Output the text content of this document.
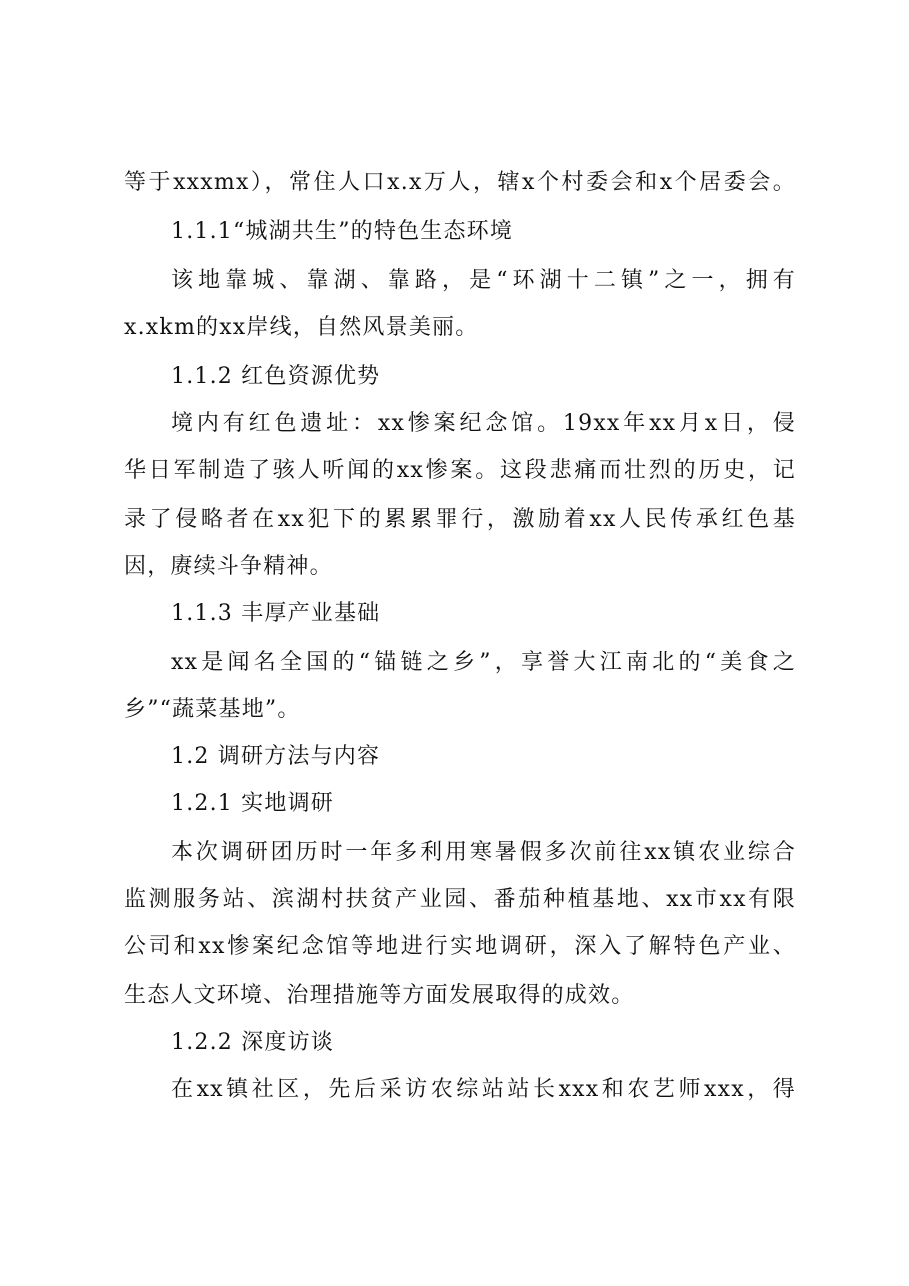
等于xxxmx），常住人口x.x万人，辖x个村委会和x个居委会。
1.1.1“城湖共生”的特色生态环境
该地靠城、靠湖、靠路，是“环湖十二镇”之一，拥有
x.xkm的xx岸线，自然风景美丽。
1.1.2 红色资源优势
境内有红色遗址：xx惨案纪念馆。19xx年xx月x日，侵
华日军制造了骇人听闻的xx惨案。这段悲痛而壮烈的历史，记
录了侵略者在xx犯下的累累罪行，激励着xx人民传承红色基
因，赓续斗争精神。
1.1.3 丰厚产业基础
xx是闻名全国的“锚链之乡”，享誉大江南北的“美食之
乡”“蔬菜基地”。
1.2 调研方法与内容
1.2.1 实地调研
本次调研团历时一年多利用寒暑假多次前往xx镇农业综合
监测服务站、滨湖村扶贫产业园、番茄种植基地、xx市xx有限
公司和xx惨案纪念馆等地进行实地调研，深入了解特色产业、
生态人文环境、治理措施等方面发展取得的成效。
1.2.2 深度访谈
在xx镇社区，先后采访农综站站长xxx和农艺师xxx，得
